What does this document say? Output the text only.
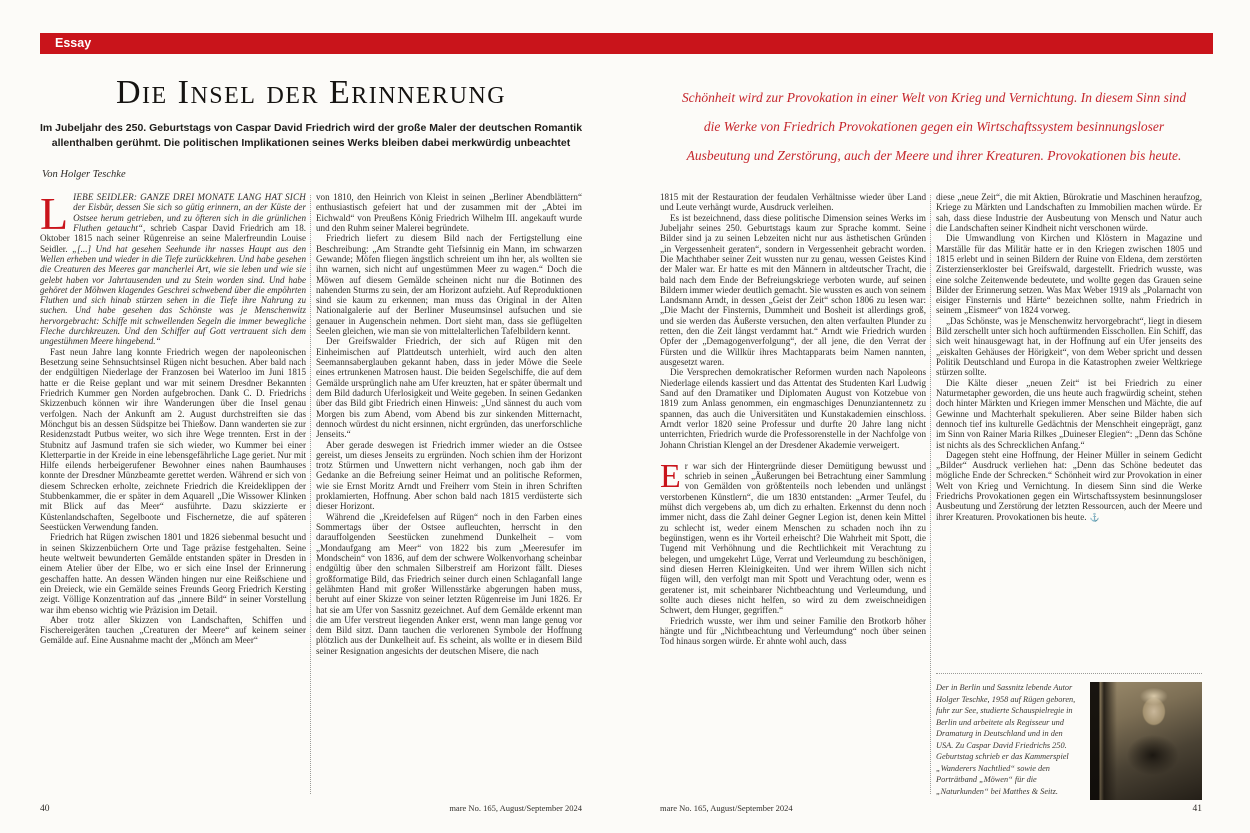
Essay
Die Insel der Erinnerung
Im Jubeljahr des 250. Geburtstags von Caspar David Friedrich wird der große Maler der deutschen Romantik
allenthalben gerühmt. Die politischen Implikationen seines Werks bleiben dabei merkwürdig unbeachtet
Von Holger Teschke

LIEBE SEIDLER: GANZE DREI MONATE LANG HAT SICH der Eisbär, dessen Sie sich so gütig erinnern, an der Küste der Ostsee herum getrieben, und zu öfteren sich in die grünlichen Fluthen getaucht“, schrieb Caspar David Friedrich am 18. Oktober 1815 nach seiner Rügenreise an seine Malerfreundin Louise Seidler. „[...] Und hat gesehen Seehunde ihr nasses Haupt aus den Wellen erheben und wieder in die Tiefe zurückkehren. Und habe gesehen die Creaturen des Meeres gar mancherlei Art, wie sie leben und wie sie gelebt haben vor Jahrtausenden und zu Stein worden sind. Und habe gehöret der Möhwen klagendes Geschrei schwebend über die empöhrten Fluthen und sich hinab stürzen sehen in die Tiefe ihre Nahrung zu suchen. Und habe gesehen das Schönste was je Menschenwitz hervorgebracht: Schiffe mit schwellenden Segeln die immer bewegliche Fleche durchkreuzen. Und den Schiffer auf Gott vertrauent sich dem ungestühmen Meere hingebend.“

Fast neun Jahre lang konnte Friedrich wegen der napoleonischen Besetzung seine Sehnsuchtsinsel Rügen nicht besuchen. Aber bald nach der endgültigen Niederlage der Franzosen bei Waterloo im Juni 1815 hatte er die Reise geplant und war mit seinem Dresdner Bekannten Friedrich Kummer gen Norden aufgebrochen. Dank C. D. Friedrichs Skizzenbuch können wir ihre Wanderungen über die Insel genau verfolgen. Nach der Ankunft am 2. August durchstreiften sie das Mönchgut bis an dessen Südspitze bei Thießow. Dann wanderten sie zur Residenzstadt Putbus weiter, wo sich ihre Wege trennten. Erst in der Stubnitz auf Jasmund trafen sie sich wieder, wo Kummer bei einer Kletterpartie in der Kreide in eine lebensgefährliche Lage geriet. Nur mit Hilfe eilends herbeigerufener Bewohner eines nahen Baumhauses konnte der Dresdner Münzbeamte gerettet werden. Während er sich von diesem Schrecken erholte, zeichnete Friedrich die Kreideklippen der Stubbenkammer, die er später in dem Aquarell „Die Wissower Klinken mit Blick auf das Meer“ ausführte. Dazu skizzierte er Küstenlandschaften, Segelboote und Fischernetze, die auf späteren Seestücken Verwendung fanden.

Friedrich hat Rügen zwischen 1801 und 1826 siebenmal besucht und in seinen Skizzenbüchern Orte und Tage präzise festgehalten. Seine heute weltweit bewunderten Gemälde entstanden später in Dresden in einem Atelier über der Elbe, wo er sich eine Insel der Erinnerung geschaffen hatte. An dessen Wänden hingen nur eine Reißschiene und ein Dreieck, wie ein Gemälde seines Freunds Georg Friedrich Kersting zeigt. Völlige Konzentration auf das „innere Bild“ in seiner Vorstellung war ihm ebenso wichtig wie Präzision im Detail.

Aber trotz aller Skizzen von Landschaften, Schiffen und Fischereigeräten tauchen „Creaturen der Meere“ auf keinem seiner Gemälde auf. Eine Ausnahme macht der „Mönch am Meer“

von 1810, den Heinrich von Kleist in seinen „Berliner Abendblättern“ enthusiastisch gefeiert hat und der zusammen mit der „Abtei im Eichwald“ von Preußens König Friedrich Wilhelm III. angekauft wurde und den Ruhm seiner Malerei begründete.

Friedrich liefert zu diesem Bild nach der Fertigstellung eine Beschreibung: „Am Strandte geht Tiefsinnig ein Mann, im schwarzen Gewande; Möfen fliegen ängstlich schreient um ihn her, als wollten sie ihn warnen, sich nicht auf ungestümmen Meer zu wagen.“ Doch die Möwen auf diesem Gemälde scheinen nicht nur die Botinnen des nahenden Sturms zu sein, der am Horizont aufzieht. Auf Reproduktionen sind sie kaum zu erkennen; man muss das Original in der Alten Nationalgalerie auf der Berliner Museumsinsel aufsuchen und sie genauer in Augenschein nehmen. Dort sieht man, dass sie geflügelten Seelen gleichen, wie man sie von mittelalterlichen Tafelbildern kennt.

Der Greifswalder Friedrich, der sich auf Rügen mit den Einheimischen auf Plattdeutsch unterhielt, wird auch den alten Seemannsaberglauben gekannt haben, dass in jeder Möwe die Seele eines ertrunkenen Matrosen haust. Die beiden Segelschiffe, die auf dem Gemälde ursprünglich nahe am Ufer kreuzten, hat er später übermalt und dem Bild dadurch Uferlosigkeit und Weite gegeben. In seinen Gedanken über das Bild gibt Friedrich einen Hinweis: „Und sännest du auch vom Morgen bis zum Abend, vom Abend bis zur sinkenden Mitternacht, dennoch würdest du nicht ersinnen, nicht ergründen, das unerforschliche Jenseits.“

Aber gerade deswegen ist Friedrich immer wieder an die Ostsee gereist, um dieses Jenseits zu ergründen. Noch schien ihm der Horizont trotz Stürmen und Unwettern nicht verhangen, noch gab ihm der Gedanke an die Befreiung seiner Heimat und an politische Reformen, wie sie Ernst Moritz Arndt und Freiherr vom Stein in ihren Schriften proklamierten, Hoffnung. Aber schon bald nach 1815 verdüsterte sich dieser Horizont.

Während die „Kreidefelsen auf Rügen“ noch in den Farben eines Sommertags über der Ostsee aufleuchten, herrscht in den darauffolgenden Seestücken zunehmend Dunkelheit – vom „Mondaufgang am Meer“ von 1822 bis zum „Meeresufer im Mondschein“ von 1836, auf dem der schwere Wolkenvorhang scheinbar endgültig über den schmalen Silberstreif am Horizont fällt. Dieses großformatige Bild, das Friedrich seiner durch einen Schlaganfall lange gelähmten Hand mit großer Willensstärke abgerungen haben muss, beruht auf einer Skizze von seiner letzten Rügenreise im Juni 1826. Er hat sie am Ufer von Sassnitz gezeichnet. Auf dem Gemälde erkennt man die am Ufer verstreut liegenden Anker erst, wenn man lange genug vor dem Bild sitzt. Dann tauchen die verlorenen Symbole der Hoffnung plötzlich aus der Dunkelheit auf. Es scheint, als wollte er in diesem Bild seiner Resignation angesichts der deutschen Misere, die nach

40	mare No. 165, August/September 2024
Schönheit wird zur Provokation in einer Welt von Krieg und Vernichtung. In diesem Sinn sind
die Werke von Friedrich Provokationen gegen ein Wirtschaftssystem besinnungsloser
Ausbeutung und Zerstörung, auch der Meere und ihrer Kreaturen. Provokationen bis heute.

1815 mit der Restauration der feudalen Verhältnisse wieder über Land und Leute verhängt wurde, Ausdruck verleihen.

Es ist bezeichnend, dass diese politische Dimension seines Werks im Jubeljahr seines 250. Geburtstags kaum zur Sprache kommt. Seine Bilder sind ja zu seinen Lebzeiten nicht nur aus ästhetischen Gründen „in Vergessenheit geraten“, sondern in Vergessenheit gebracht worden. Die Machthaber seiner Zeit wussten nur zu genau, wessen Geistes Kind der Maler war. Er hatte es mit den Männern in altdeutscher Tracht, die bald nach dem Ende der Befreiungskriege verboten wurde, auf seinen Bildern immer wieder deutlich gemacht. Sie wussten es auch von seinem Landsmann Arndt, in dessen „Geist der Zeit“ schon 1806 zu lesen war: „Die Macht der Finsternis, Dummheit und Bosheit ist allerdings groß, und sie werden das Äußerste versuchen, den alten verfaulten Plunder zu retten, den die Zeit längst verdammt hat.“ Arndt wie Friedrich wurden Opfer der „Demagogenverfolgung“, der all jene, die den Verrat der Fürsten und die Willkür ihres Machtapparats beim Namen nannten, ausgesetzt waren.

Die Versprechen demokratischer Reformen wurden nach Napoleons Niederlage eilends kassiert und das Attentat des Studenten Karl Ludwig Sand auf den Dramatiker und Diplomaten August von Kotzebue von 1819 zum Anlass genommen, ein engmaschiges Denunziantennetz zu spannen, das auch die Universitäten und Kunstakademien einschloss. Arndt verlor 1820 seine Professur und durfte 20 Jahre lang nicht unterrichten, Friedrich wurde die Professorenstelle in der Nachfolge von Johann Christian Klengel an der Dresdener Akademie verweigert.

Er war sich der Hintergründe dieser Demütigung bewusst und schrieb in seinen „Äußerungen bei Betrachtung einer Sammlung von Gemälden von größtenteils noch lebenden und unlängst verstorbenen Künstlern“, die um 1830 entstanden: „Armer Teufel, du mühst dich vergebens ab, um dich zu erhalten. Erkennst du denn noch immer nicht, dass die Zahl deiner Gegner Legion ist, denen kein Mittel zu schlecht ist, weder einem Menschen zu schaden noch ihn zu begünstigen, wenn es ihr Vorteil erheischt? Die Wahrheit mit Spott, die Tugend mit Verhöhnung und die Rechtlichkeit mit Verachtung zu belegen, und umgekehrt Lüge, Verrat und Verleumdung zu beschönigen, sind diesen Herren Kleinigkeiten. Und wer ihrem Willen sich nicht fügen will, den verfolgt man mit Spott und Verachtung oder, wenn es geratener ist, mit scheinbarer Nichtbeachtung und Verleumdung, und sollte auch dieses nicht helfen, so wird zu dem zweischneidigen Schwert, dem Hunger, gegriffen.“

Friedrich wusste, wer ihm und seiner Familie den Brotkorb höher hängte und für „Nichtbeachtung und Verleumdung“ noch über seinen Tod hinaus sorgen würde. Er ahnte wohl auch, dass

diese „neue Zeit“, die mit Aktien, Bürokratie und Maschinen heraufzog, Kriege zu Märkten und Landschaften zu Immobilien machen würde. Er sah, dass diese Industrie der Ausbeutung von Mensch und Natur auch die Landschaften seiner Kindheit nicht verschonen würde.

Die Umwandlung von Kirchen und Klöstern in Magazine und Marställe für das Militär hatte er in den Kriegen zwischen 1805 und 1815 erlebt und in seinen Bildern der Ruine von Eldena, dem zerstörten Zisterzienserkloster bei Greifswald, dargestellt. Friedrich wusste, was eine solche Zeitenwende bedeutete, und wollte gegen das Grauen seine Bilder der Erinnerung setzen. Was Max Weber 1919 als „Polarnacht von eisiger Finsternis und Härte“ bezeichnen sollte, nahm Friedrich in seinem „Eismeer“ von 1824 vorweg.

„Das Schönste, was je Menschenwitz hervorgebracht“, liegt in diesem Bild zerschellt unter sich hoch auftürmenden Eisschollen. Ein Schiff, das sich weit hinausgewagt hat, in der Hoffnung auf ein Ufer jenseits des „eiskalten Gehäuses der Hörigkeit“, von dem Weber spricht und dessen Politik Deutschland und Europa in die Katastrophen zweier Weltkriege stürzen sollte.

Die Kälte dieser „neuen Zeit“ ist bei Friedrich zu einer Naturmetapher geworden, die uns heute auch fragwürdig scheint, stehen doch hinter Märkten und Kriegen immer Menschen und Mächte, die auf Gewinne und Machterhalt spekulieren. Aber seine Bilder haben sich dennoch tief ins kulturelle Gedächtnis der Menschheit eingeprägt, ganz im Sinn von Rainer Maria Rilkes „Duineser Elegien“: „Denn das Schöne ist nichts als des Schrecklichen Anfang.“

Dagegen steht eine Hoffnung, der Heiner Müller in seinem Gedicht „Bilder“ Ausdruck verliehen hat: „Denn das Schöne bedeutet das mögliche Ende der Schrecken.“ Schönheit wird zur Provokation in einer Welt von Krieg und Vernichtung. In diesem Sinn sind die Werke Friedrichs Provokationen gegen ein Wirtschaftssystem besinnungsloser Ausbeutung und Zerstörung der letzten Ressourcen, auch der Meere und ihrer Kreaturen. Provokationen bis heute. ⚓

Der in Berlin und Sassnitz lebende Autor Holger Teschke, 1958 auf Rügen geboren, fuhr zur See, studierte Schauspielregie in Berlin und arbeitete als Regisseur und Dramaturg in Deutschland und in den USA. Zu Caspar David Friedrichs 250. Geburtstag schrieb er das Kammerspiel „Wanderers Nachtlied“ sowie den Porträtband „Möwen“ für die „Naturkunden“ bei Matthes & Seitz.
mare No. 165, August/September 2024	41
